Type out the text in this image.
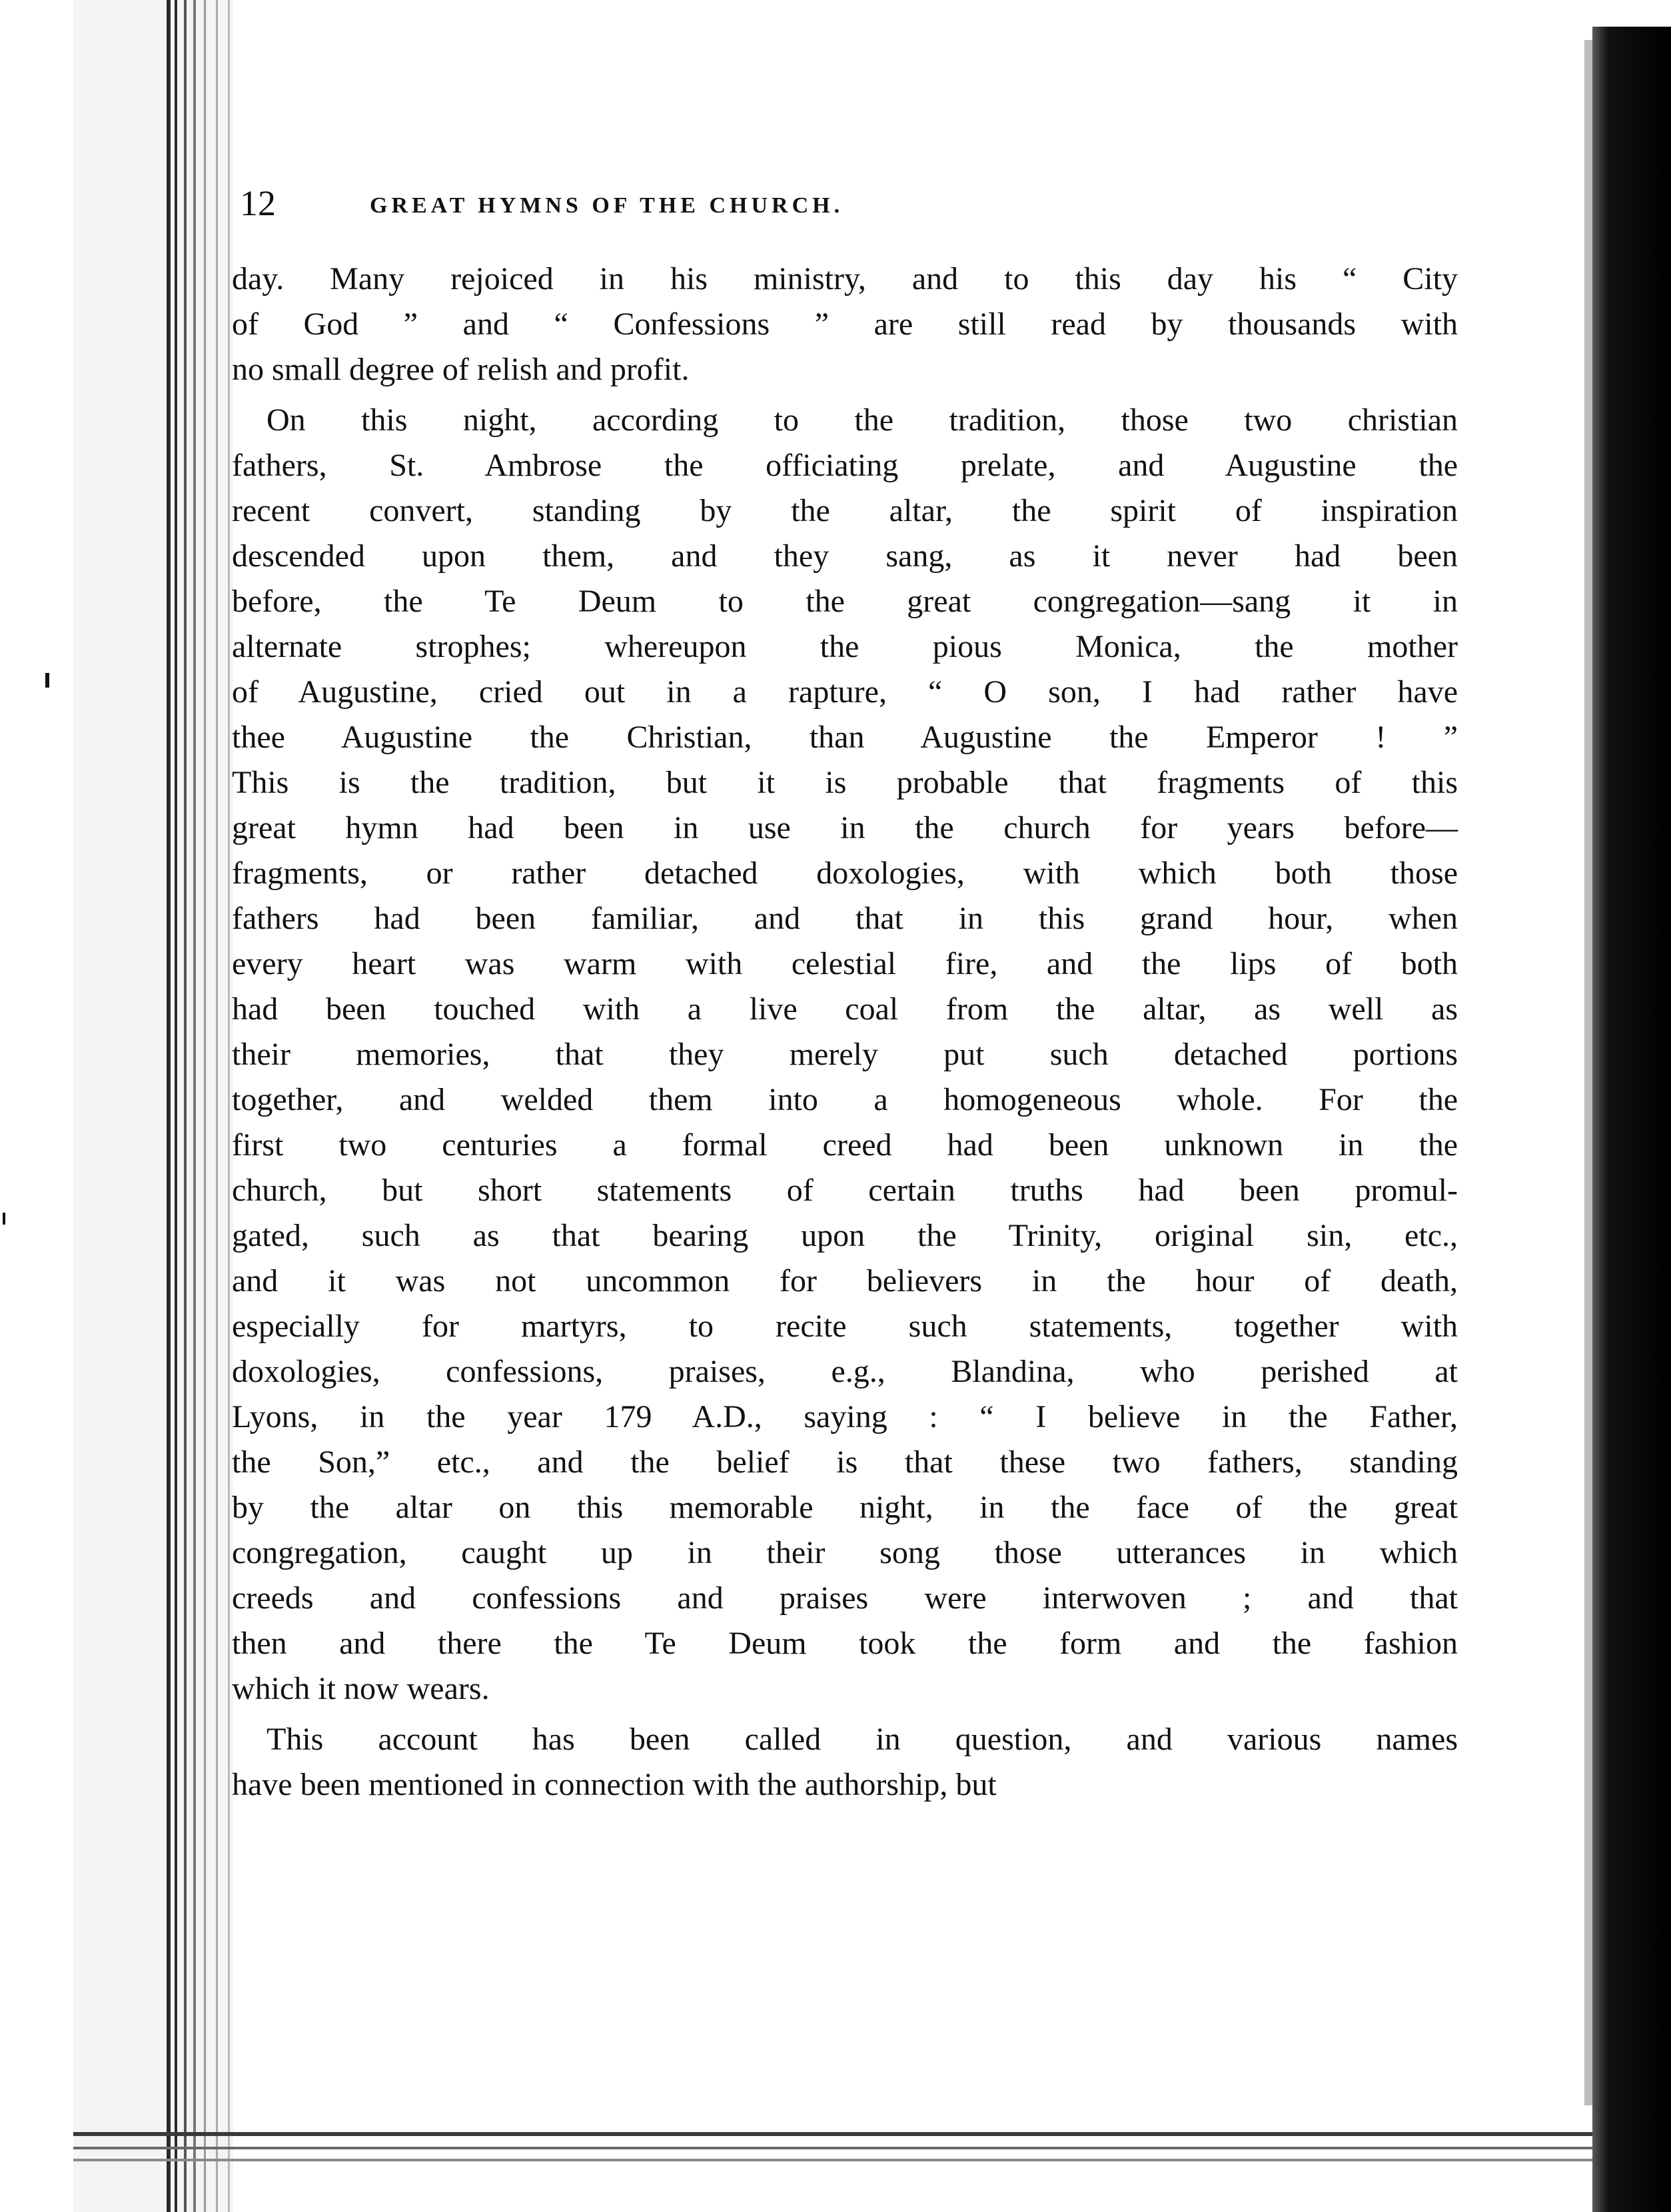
12	GREAT HYMNS OF THE CHURCH.
day. Many rejoiced in his ministry, and to this day his “ City
of God ” and “ Confessions ” are still read by thousands with
no small degree of relish and profit.
On this night, according to the tradition, those two christian
fathers, St. Ambrose the officiating prelate, and Augustine the
recent convert, standing by the altar, the spirit of inspiration
descended upon them, and they sang, as it never had been
before, the Te Deum to the great congregation—sang it in
alternate strophes; whereupon the pious Monica, the mother
of Augustine, cried out in a rapture, “ O son, I had rather have
thee Augustine the Christian, than Augustine the Emperor ! ”
This is the tradition, but it is probable that fragments of this
great hymn had been in use in the church for years before—
fragments, or rather detached doxologies, with which both those
fathers had been familiar, and that in this grand hour, when
every heart was warm with celestial fire, and the lips of both
had been touched with a live coal from the altar, as well as
their memories, that they merely put such detached portions
together, and welded them into a homogeneous whole. For the
first two centuries a formal creed had been unknown in the
church, but short statements of certain truths had been promul-
gated, such as that bearing upon the Trinity, original sin, etc.,
and it was not uncommon for believers in the hour of death,
especially for martyrs, to recite such statements, together with
doxologies, confessions, praises, e.g., Blandina, who perished at
Lyons, in the year 179 A.D., saying : “ I believe in the Father,
the Son,” etc., and the belief is that these two fathers, standing
by the altar on this memorable night, in the face of the great
congregation, caught up in their song those utterances in which
creeds and confessions and praises were interwoven ; and that
then and there the Te Deum took the form and the fashion
which it now wears.
This account has been called in question, and various names
have been mentioned in connection with the authorship, but
